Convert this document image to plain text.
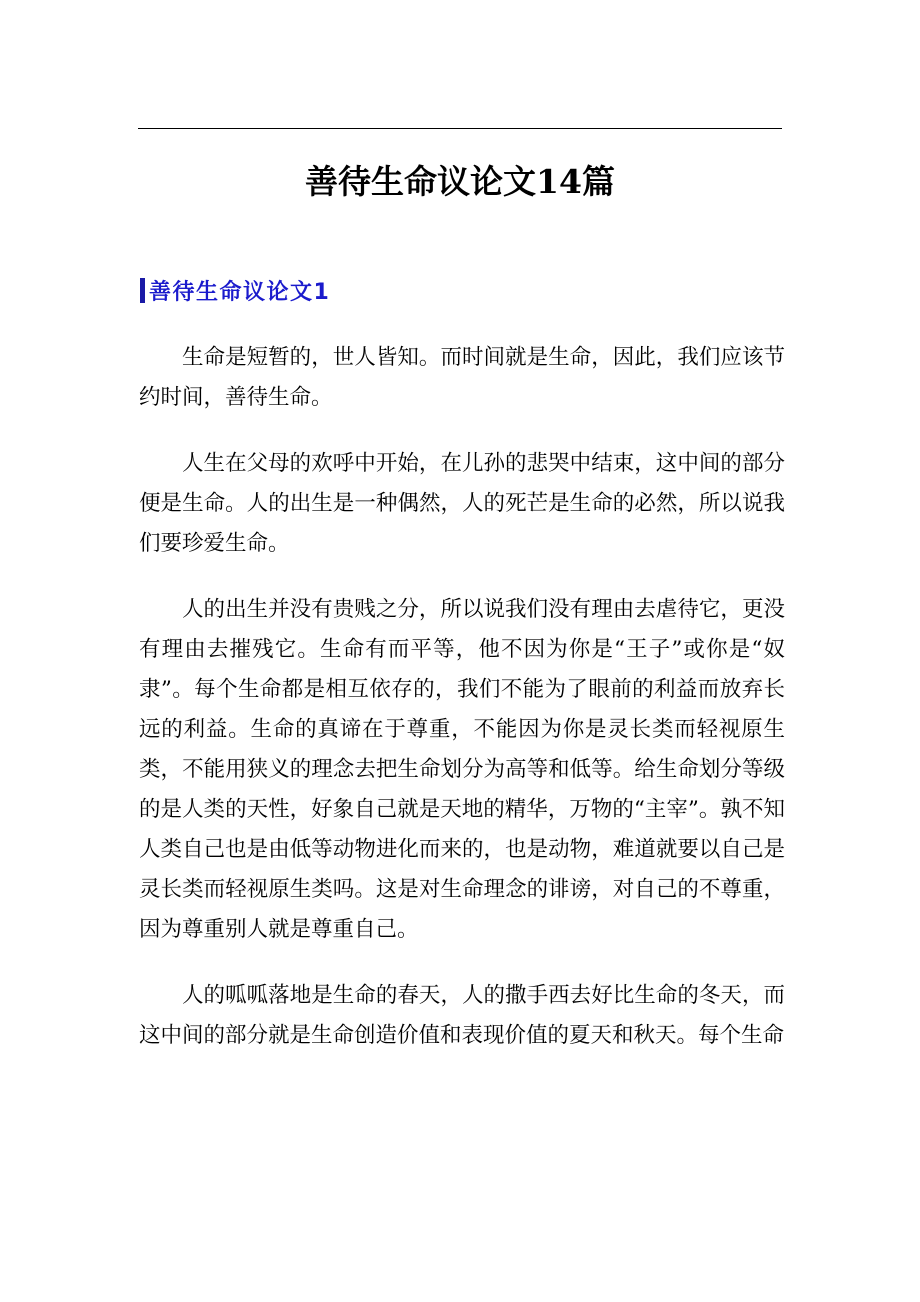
善待生命议论文14篇
善待生命议论文1

生命是短暂的，世人皆知。而时间就是生命，因此，我们应该节约时间，善待生命。

人生在父母的欢呼中开始，在儿孙的悲哭中结束，这中间的部分便是生命。人的出生是一种偶然，人的死芒是生命的必然，所以说我们要珍爱生命。

人的出生并没有贵贱之分，所以说我们没有理由去虐待它，更没有理由去摧残它。生命有而平等，他不因为你是“王子”或你是“奴隶”。每个生命都是相互依存的，我们不能为了眼前的利益而放弃长远的利益。生命的真谛在于尊重，不能因为你是灵长类而轻视原生类，不能用狭义的理念去把生命划分为高等和低等。给生命划分等级的是人类的天性，好象自己就是天地的精华，万物的“主宰”。孰不知人类自己也是由低等动物进化而来的，也是动物，难道就要以自己是灵长类而轻视原生类吗。这是对生命理念的诽谤，对自己的不尊重，因为尊重别人就是尊重自己。

人的呱呱落地是生命的春天，人的撒手西去好比生命的冬天，而这中间的部分就是生命创造价值和表现价值的夏天和秋天。每个生命
